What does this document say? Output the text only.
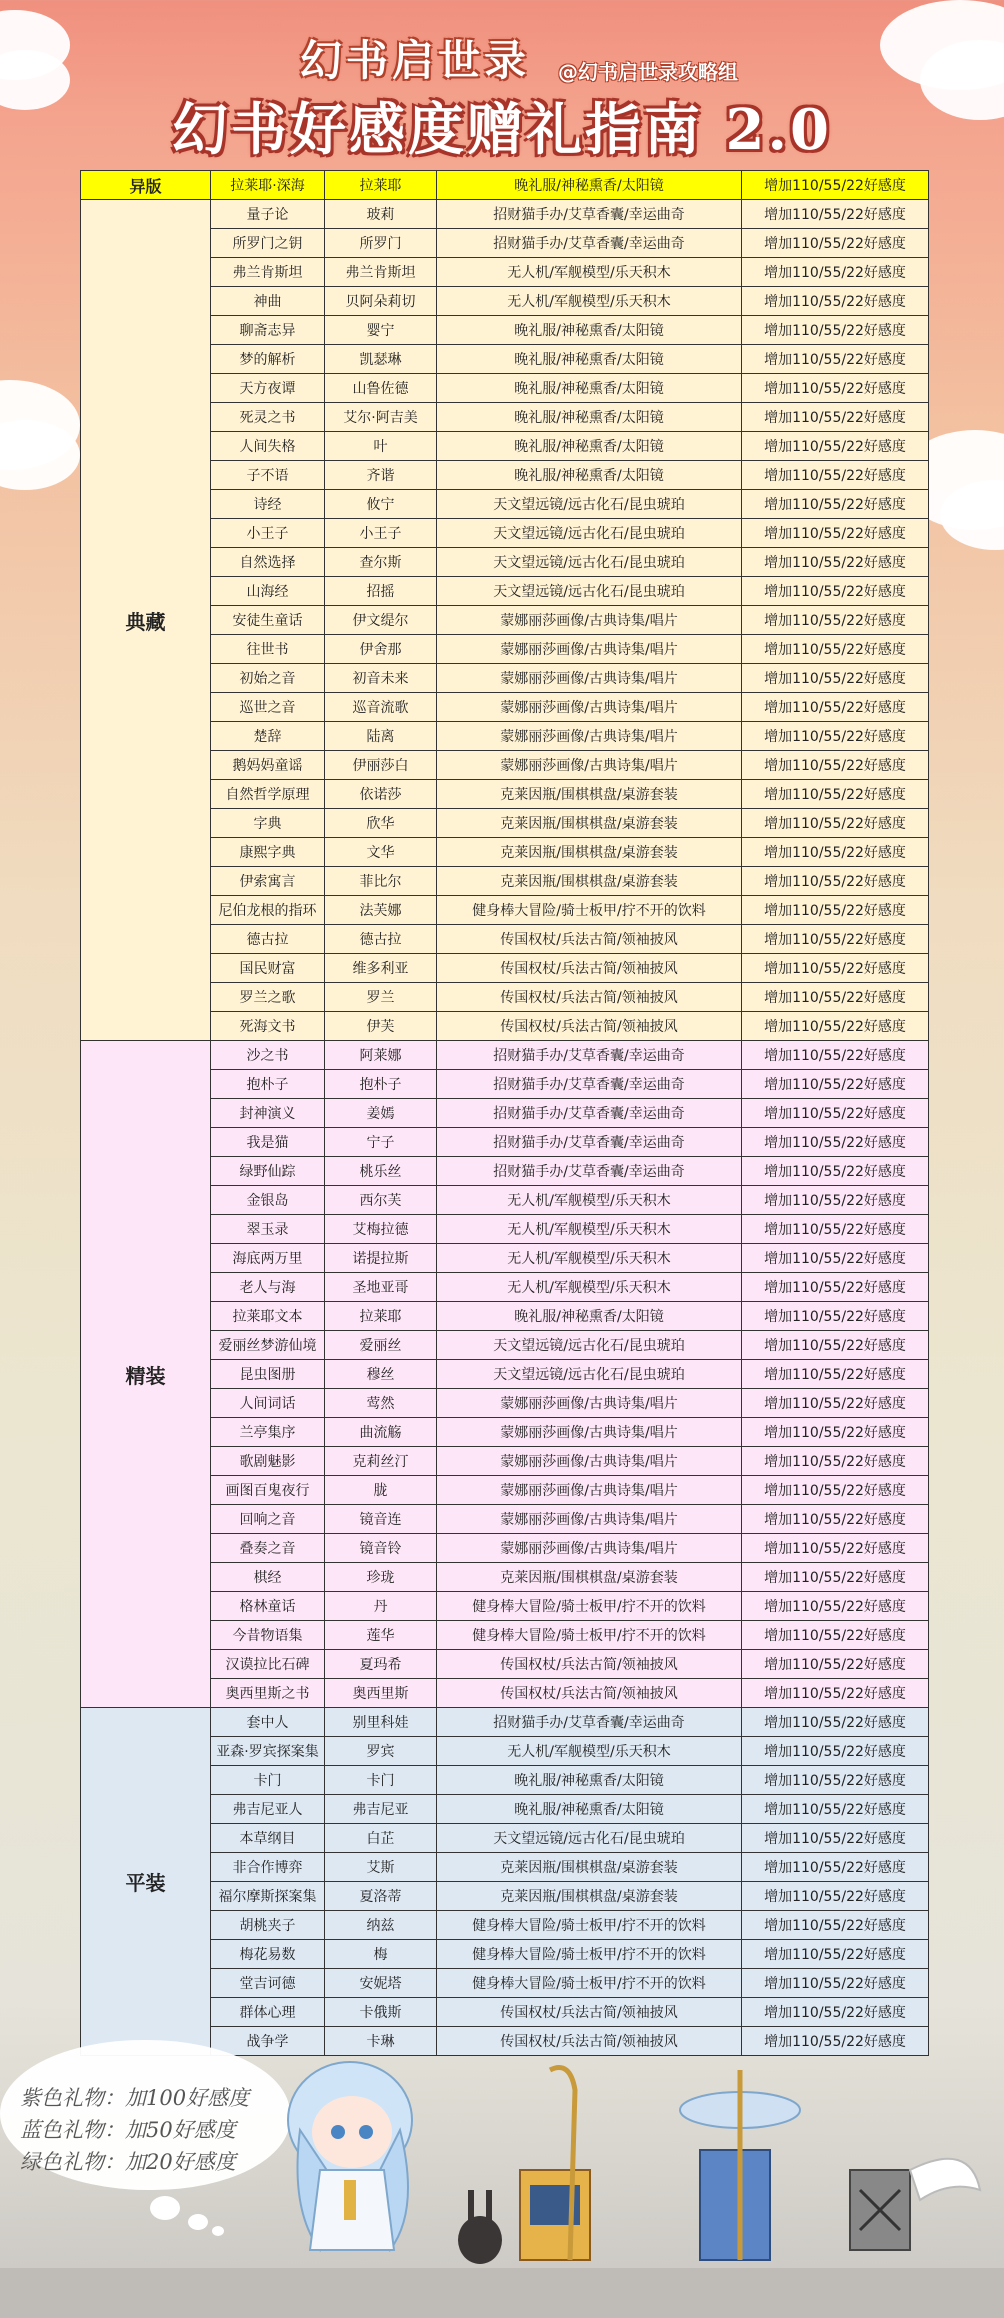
幻书启世录 @幻书启世录攻略组
幻书好感度赠礼指南 2.0
异版	拉莱耶·深海	拉莱耶	晚礼服/神秘熏香/太阳镜	增加110/55/22好感度
典藏	量子论	玻莉	招财猫手办/艾草香囊/幸运曲奇	增加110/55/22好感度
	所罗门之钥	所罗门	招财猫手办/艾草香囊/幸运曲奇	增加110/55/22好感度
	弗兰肯斯坦	弗兰肯斯坦	无人机/军舰模型/乐天积木	增加110/55/22好感度
	神曲	贝阿朵莉切	无人机/军舰模型/乐天积木	增加110/55/22好感度
	聊斋志异	婴宁	晚礼服/神秘熏香/太阳镜	增加110/55/22好感度
	梦的解析	凯瑟琳	晚礼服/神秘熏香/太阳镜	增加110/55/22好感度
	天方夜谭	山鲁佐德	晚礼服/神秘熏香/太阳镜	增加110/55/22好感度
	死灵之书	艾尔·阿吉美	晚礼服/神秘熏香/太阳镜	增加110/55/22好感度
	人间失格	叶	晚礼服/神秘熏香/太阳镜	增加110/55/22好感度
	子不语	齐谐	晚礼服/神秘熏香/太阳镜	增加110/55/22好感度
	诗经	攸宁	天文望远镜/远古化石/昆虫琥珀	增加110/55/22好感度
	小王子	小王子	天文望远镜/远古化石/昆虫琥珀	增加110/55/22好感度
	自然选择	查尔斯	天文望远镜/远古化石/昆虫琥珀	增加110/55/22好感度
	山海经	招摇	天文望远镜/远古化石/昆虫琥珀	增加110/55/22好感度
	安徒生童话	伊文缇尔	蒙娜丽莎画像/古典诗集/唱片	增加110/55/22好感度
	往世书	伊舍那	蒙娜丽莎画像/古典诗集/唱片	增加110/55/22好感度
	初始之音	初音未来	蒙娜丽莎画像/古典诗集/唱片	增加110/55/22好感度
	巡世之音	巡音流歌	蒙娜丽莎画像/古典诗集/唱片	增加110/55/22好感度
	楚辞	陆离	蒙娜丽莎画像/古典诗集/唱片	增加110/55/22好感度
	鹅妈妈童谣	伊丽莎白	蒙娜丽莎画像/古典诗集/唱片	增加110/55/22好感度
	自然哲学原理	依诺莎	克莱因瓶/围棋棋盘/桌游套装	增加110/55/22好感度
	字典	欣华	克莱因瓶/围棋棋盘/桌游套装	增加110/55/22好感度
	康熙字典	文华	克莱因瓶/围棋棋盘/桌游套装	增加110/55/22好感度
	伊索寓言	菲比尔	克莱因瓶/围棋棋盘/桌游套装	增加110/55/22好感度
	尼伯龙根的指环	法芙娜	健身棒大冒险/骑士板甲/拧不开的饮料	增加110/55/22好感度
	德古拉	德古拉	传国权杖/兵法古简/领袖披风	增加110/55/22好感度
	国民财富	维多利亚	传国权杖/兵法古简/领袖披风	增加110/55/22好感度
	罗兰之歌	罗兰	传国权杖/兵法古简/领袖披风	增加110/55/22好感度
	死海文书	伊芙	传国权杖/兵法古简/领袖披风	增加110/55/22好感度
精装	沙之书	阿莱娜	招财猫手办/艾草香囊/幸运曲奇	增加110/55/22好感度
	抱朴子	抱朴子	招财猫手办/艾草香囊/幸运曲奇	增加110/55/22好感度
	封神演义	姜嫣	招财猫手办/艾草香囊/幸运曲奇	增加110/55/22好感度
	我是猫	宁子	招财猫手办/艾草香囊/幸运曲奇	增加110/55/22好感度
	绿野仙踪	桃乐丝	招财猫手办/艾草香囊/幸运曲奇	增加110/55/22好感度
	金银岛	西尔芙	无人机/军舰模型/乐天积木	增加110/55/22好感度
	翠玉录	艾梅拉德	无人机/军舰模型/乐天积木	增加110/55/22好感度
	海底两万里	诺提拉斯	无人机/军舰模型/乐天积木	增加110/55/22好感度
	老人与海	圣地亚哥	无人机/军舰模型/乐天积木	增加110/55/22好感度
	拉莱耶文本	拉莱耶	晚礼服/神秘熏香/太阳镜	增加110/55/22好感度
	爱丽丝梦游仙境	爱丽丝	天文望远镜/远古化石/昆虫琥珀	增加110/55/22好感度
	昆虫图册	穆丝	天文望远镜/远古化石/昆虫琥珀	增加110/55/22好感度
	人间词话	莺然	蒙娜丽莎画像/古典诗集/唱片	增加110/55/22好感度
	兰亭集序	曲流觞	蒙娜丽莎画像/古典诗集/唱片	增加110/55/22好感度
	歌剧魅影	克莉丝汀	蒙娜丽莎画像/古典诗集/唱片	增加110/55/22好感度
	画图百鬼夜行	胧	蒙娜丽莎画像/古典诗集/唱片	增加110/55/22好感度
	回响之音	镜音连	蒙娜丽莎画像/古典诗集/唱片	增加110/55/22好感度
	叠奏之音	镜音铃	蒙娜丽莎画像/古典诗集/唱片	增加110/55/22好感度
	棋经	珍珑	克莱因瓶/围棋棋盘/桌游套装	增加110/55/22好感度
	格林童话	丹	健身棒大冒险/骑士板甲/拧不开的饮料	增加110/55/22好感度
	今昔物语集	莲华	健身棒大冒险/骑士板甲/拧不开的饮料	增加110/55/22好感度
	汉谟拉比石碑	夏玛希	传国权杖/兵法古简/领袖披风	增加110/55/22好感度
	奥西里斯之书	奥西里斯	传国权杖/兵法古简/领袖披风	增加110/55/22好感度
平装	套中人	别里科娃	招财猫手办/艾草香囊/幸运曲奇	增加110/55/22好感度
	亚森·罗宾探案集	罗宾	无人机/军舰模型/乐天积木	增加110/55/22好感度
	卡门	卡门	晚礼服/神秘熏香/太阳镜	增加110/55/22好感度
	弗吉尼亚人	弗吉尼亚	晚礼服/神秘熏香/太阳镜	增加110/55/22好感度
	本草纲目	白芷	天文望远镜/远古化石/昆虫琥珀	增加110/55/22好感度
	非合作博弈	艾斯	克莱因瓶/围棋棋盘/桌游套装	增加110/55/22好感度
	福尔摩斯探案集	夏洛蒂	克莱因瓶/围棋棋盘/桌游套装	增加110/55/22好感度
	胡桃夹子	纳兹	健身棒大冒险/骑士板甲/拧不开的饮料	增加110/55/22好感度
	梅花易数	梅	健身棒大冒险/骑士板甲/拧不开的饮料	增加110/55/22好感度
	堂吉诃德	安妮塔	健身棒大冒险/骑士板甲/拧不开的饮料	增加110/55/22好感度
	群体心理	卡俄斯	传国权杖/兵法古简/领袖披风	增加110/55/22好感度
	战争学	卡琳	传国权杖/兵法古简/领袖披风	增加110/55/22好感度
紫色礼物：加100好感度
蓝色礼物：加50好感度
绿色礼物：加20好感度
